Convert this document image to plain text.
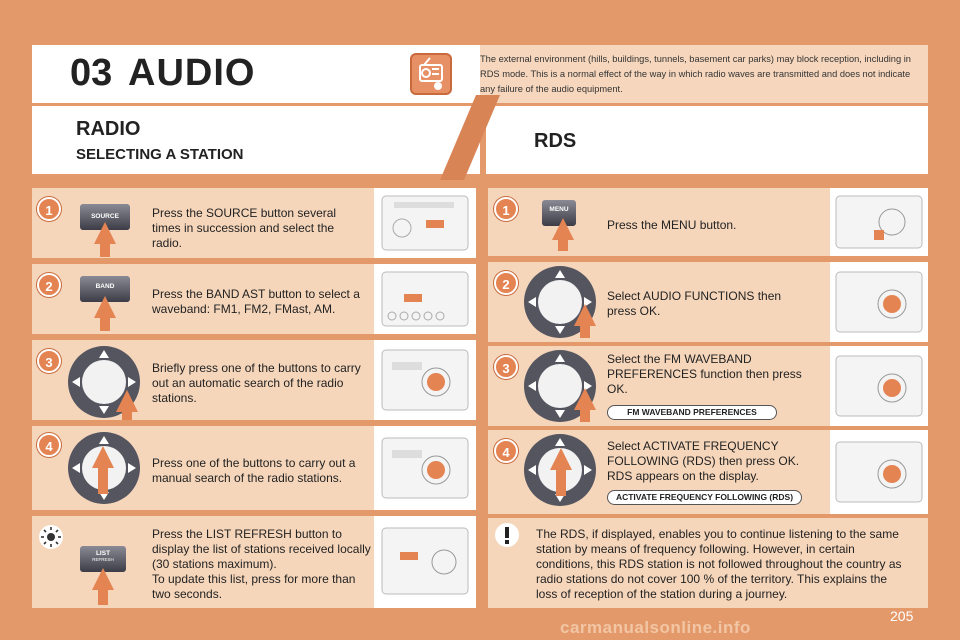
03 AUDIO	The external environment (hills, buildings, tunnels, basement car parks) may block reception, including in RDS mode. This is a normal effect of the way in which radio waves are transmitted and does not indicate any failure of the audio equipment.
RADIO
SELECTING A STATION
RDS
1	SOURCE	Press the SOURCE button several times in succession and select the radio.
2	BAND
Press the BAND AST button to select a waveband: FM1, FM2, FMast, AM.
3	Briefly press one of the buttons to carry out an automatic search of the radio stations.
4
Press one of the buttons to carry out a manual search of the radio stations.
LIST
REFRESH
Press the LIST REFRESH button to display the list of stations received locally (30 stations maximum).
To update this list, press for more than two seconds.
1	MENU
Press the MENU button.
2
Select AUDIO FUNCTIONS then press OK.
3
Select the FM WAVEBAND PREFERENCES function then press OK.
FM WAVEBAND PREFERENCES
4	Select ACTIVATE FREQUENCY FOLLOWING (RDS) then press OK. RDS appears on the display.
ACTIVATE FREQUENCY FOLLOWING (RDS)
The RDS, if displayed, enables you to continue listening to the same station by means of frequency following. However, in certain conditions, this RDS station is not followed throughout the country as radio stations do not cover 100 % of the territory. This explains the loss of reception of the station during a journey.
carmanualsonline.info
205
